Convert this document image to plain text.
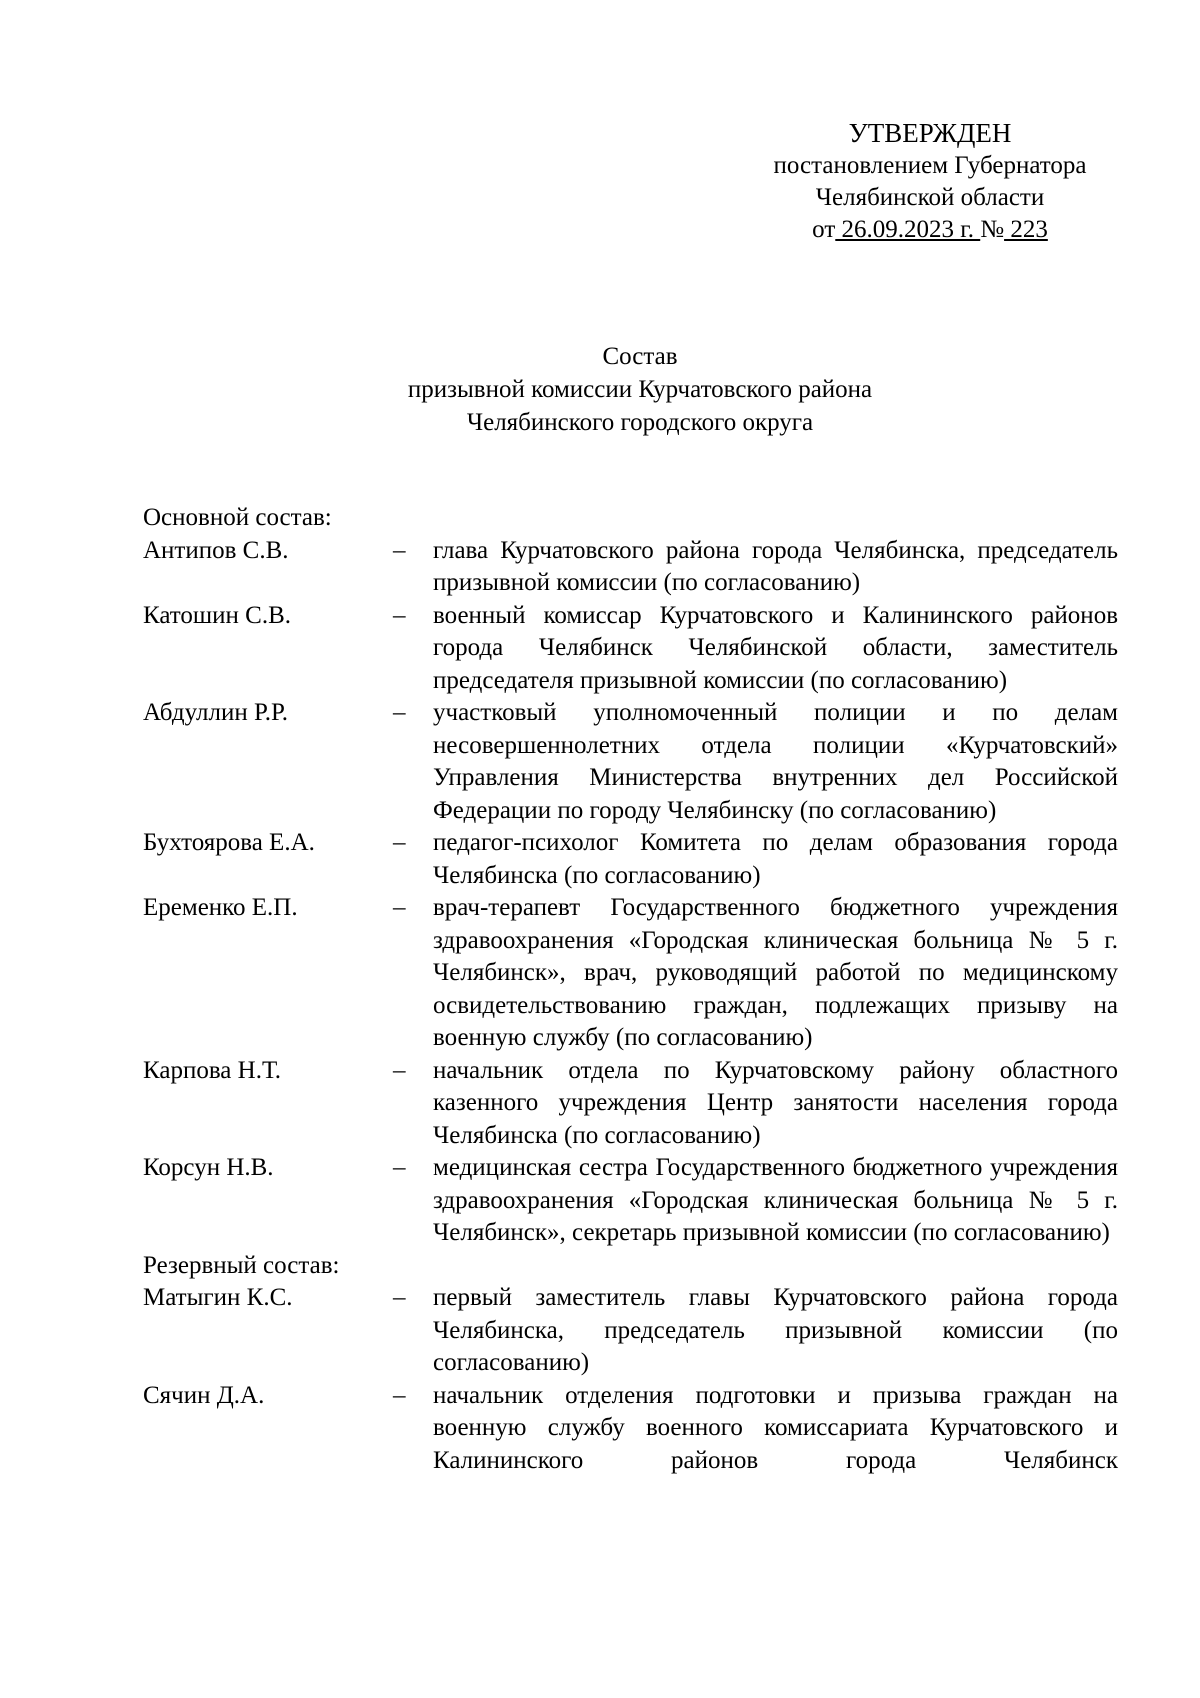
УТВЕРЖДЕН
постановлением Губернатора
Челябинской области
от 26.09.2023 г. № 223
Состав
призывной комиссии Курчатовского района
Челябинского городского округа
Основной состав:
Антипов С.В.	–	глава Курчатовского района города Челябинска, председатель призывной комиссии (по согласованию)
Катошин С.В.	–	военный комиссар Курчатовского и Калининского районов города Челябинск Челябинской области, заместитель председателя призывной комиссии (по согласованию)
Абдуллин Р.Р.	–	участковый уполномоченный полиции и по делам несовершеннолетних отдела полиции «Курчатовский» Управления Министерства внутренних дел Российской Федерации по городу Челябинску (по согласованию)
Бухтоярова Е.А.	–	педагог-психолог Комитета по делам образования города Челябинска (по согласованию)
Еременко Е.П.	–	врач-терапевт Государственного бюджетного учреждения здравоохранения «Городская клиническая больница № 5 г. Челябинск», врач, руководящий работой по медицинскому освидетельствованию граждан, подлежащих призыву на военную службу (по согласованию)
Карпова Н.Т.	–	начальник отдела по Курчатовскому району областного казенного учреждения Центр занятости населения города Челябинска (по согласованию)
Корсун Н.В.	–	медицинская сестра Государственного бюджетного учреждения здравоохранения «Городская клиническая больница № 5 г. Челябинск», секретарь призывной комиссии (по согласованию)
Резервный состав:
Матыгин К.С.	–	первый заместитель главы Курчатовского района города Челябинска, председатель призывной комиссии (по согласованию)
Сячин Д.А.	–	начальник отделения подготовки и призыва граждан на военную службу военного комиссариата Курчатовского и Калининского районов города Челябинск
